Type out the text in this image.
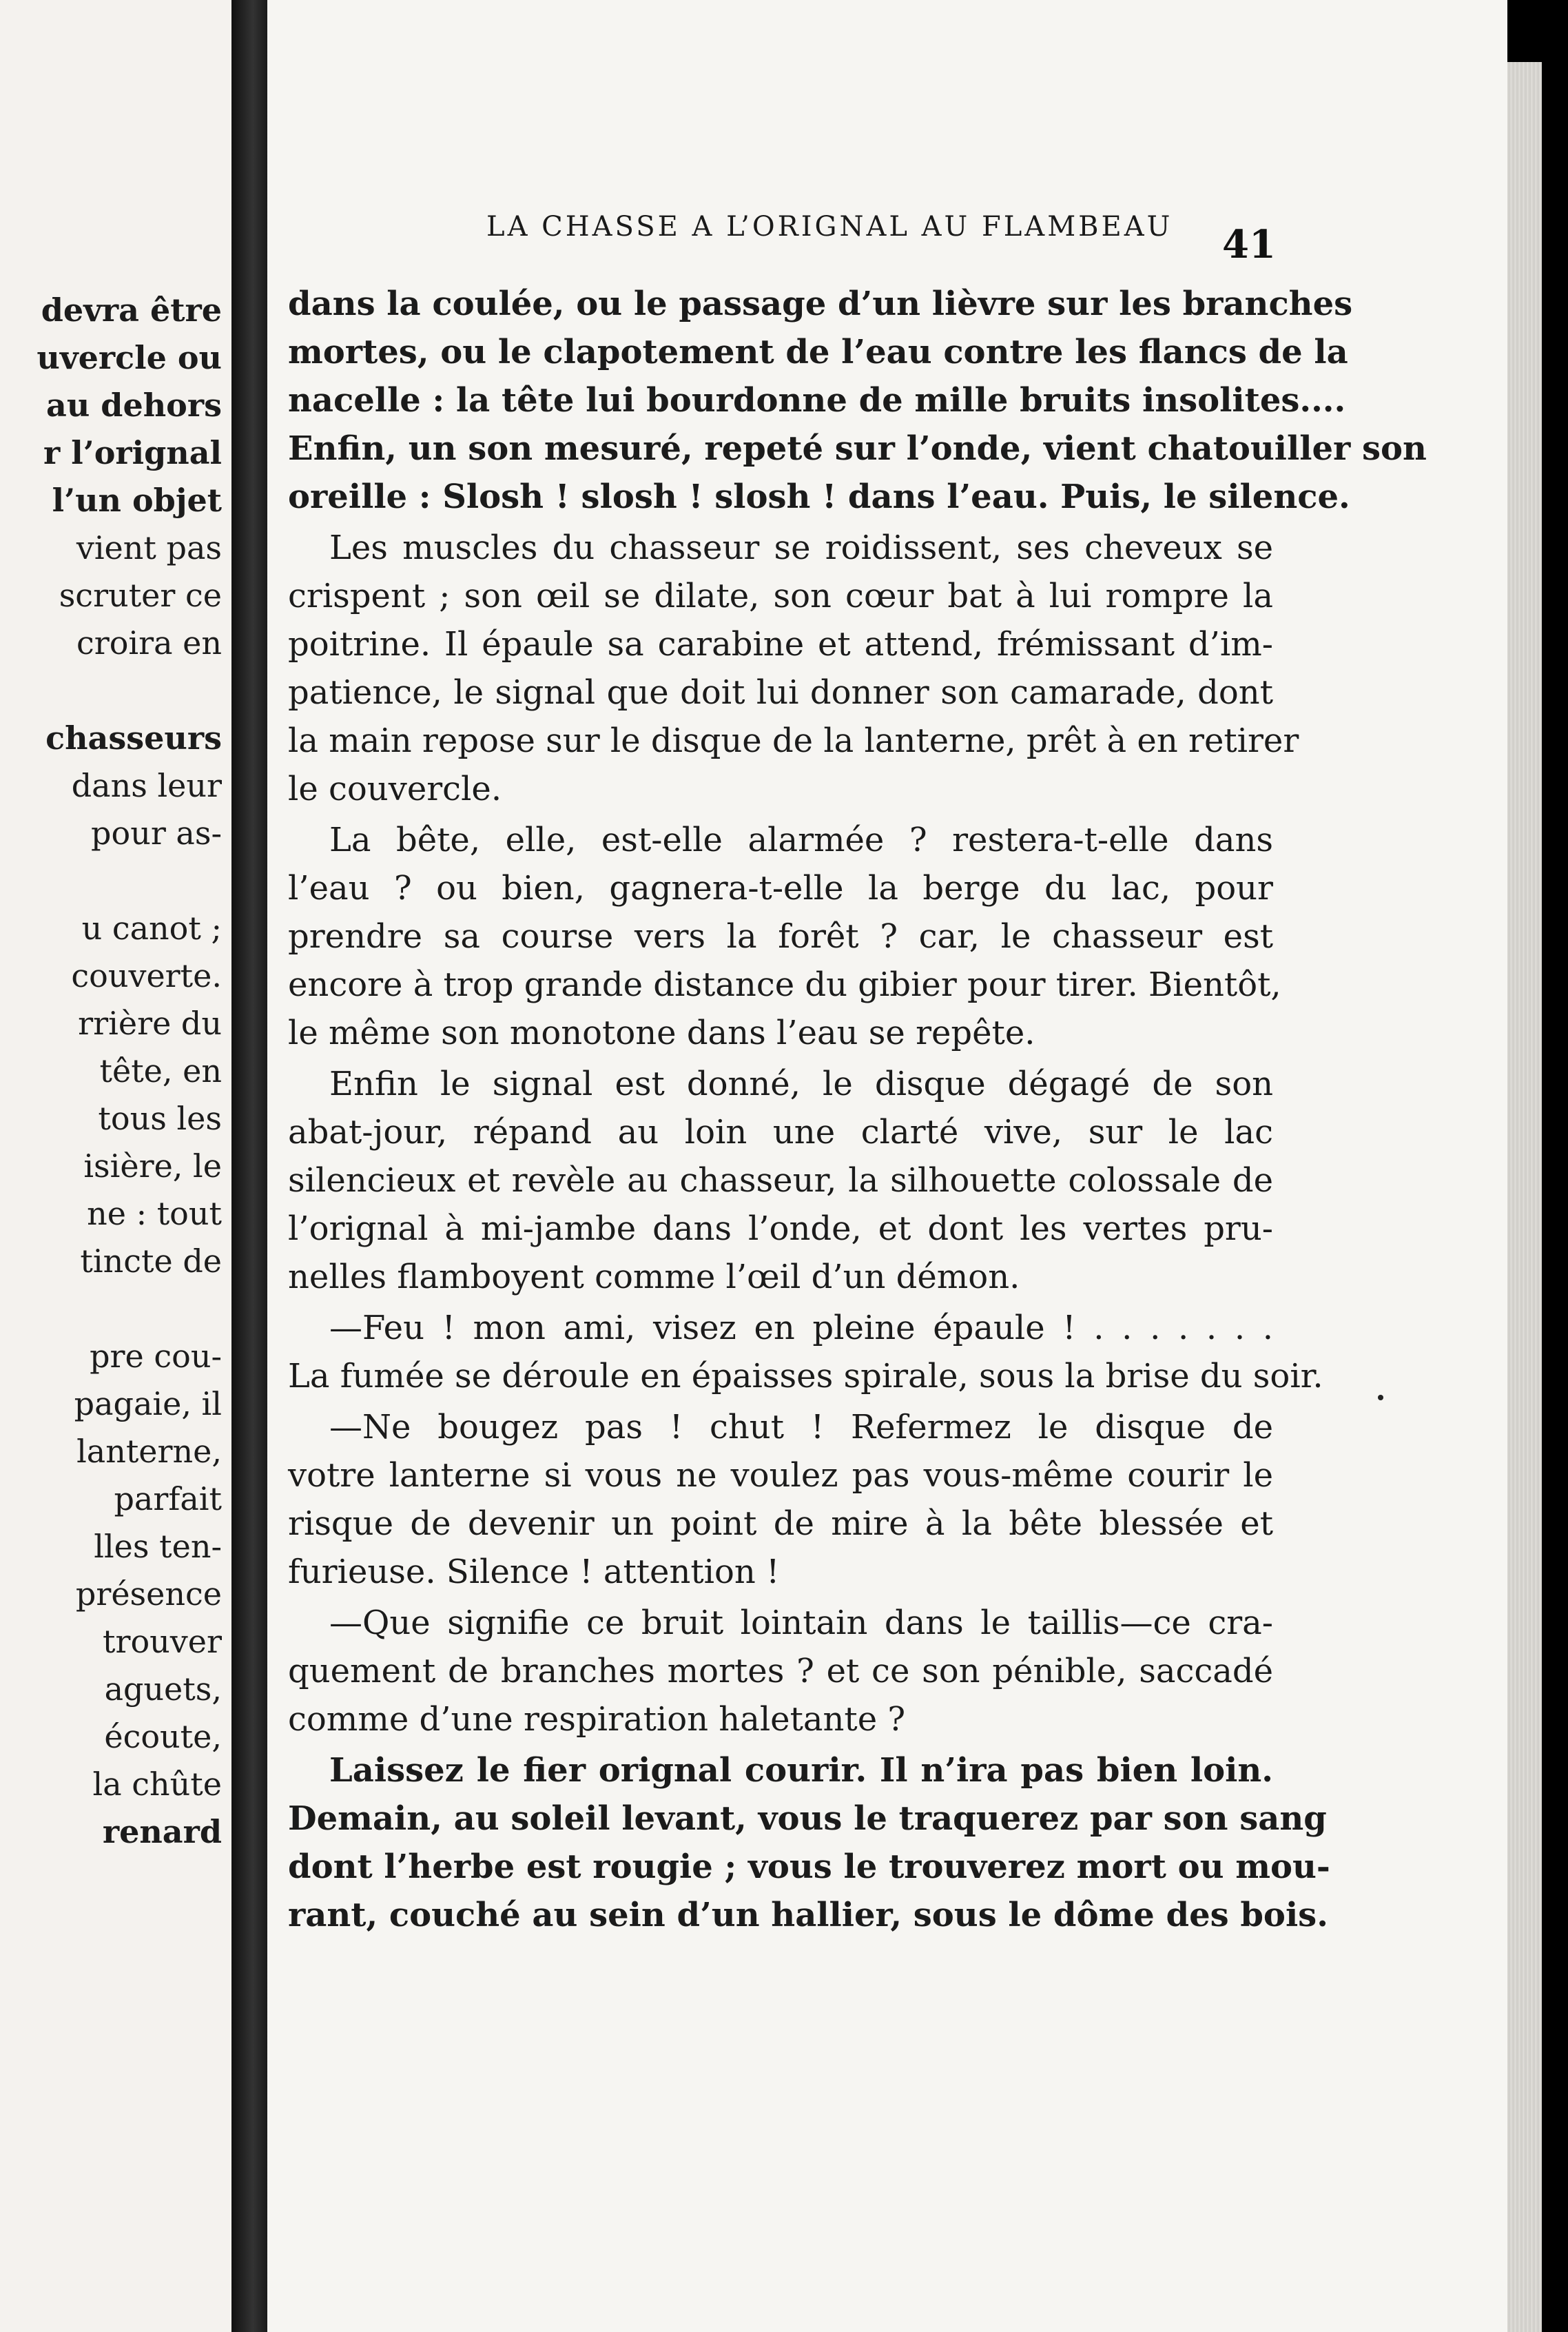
devra être
uvercle ou
au dehors
r l’orignal
l’un objet
vient pas
scruter ce
croira en
chasseurs
dans leur
pour as-
u canot ;
couverte.
rrière du
tête, en
tous les
isière, le
ne : tout
tincte de
pre cou-
pagaie, il
lanterne,
parfait
lles ten-
présence
trouver
aguets,
écoute,
la chûte
renard
LA CHASSE A L’ORIGNAL AU FLAMBEAU	41
dans la coulée, ou le passage d’un lièvre sur les branches
mortes, ou le clapotement de l’eau contre les flancs de la
nacelle : la tête lui bourdonne de mille bruits insolites....
Enfin, un son mesuré, repeté sur l’onde, vient chatouiller son
oreille : Slosh ! slosh ! slosh ! dans l’eau. Puis, le silence.
Les muscles du chasseur se roidissent, ses cheveux se
crispent ; son œil se dilate, son cœur bat à lui rompre la
poitrine. Il épaule sa carabine et attend, frémissant d’im-
patience, le signal que doit lui donner son camarade, dont
la main repose sur le disque de la lanterne, prêt à en retirer
le couvercle.
La bête, elle, est-elle alarmée ? restera-t-elle dans
l’eau ? ou bien, gagnera-t-elle la berge du lac, pour
prendre sa course vers la forêt ? car, le chasseur est
encore à trop grande distance du gibier pour tirer. Bientôt,
le même son monotone dans l’eau se repête.
Enfin le signal est donné, le disque dégagé de son
abat-jour, répand au loin une clarté vive, sur le lac
silencieux et revèle au chasseur, la silhouette colossale de
l’orignal à mi-jambe dans l’onde, et dont les vertes pru-
nelles flamboyent comme l’œil d’un démon.
—Feu ! mon ami, visez en pleine épaule ! . . . . . . .
La fumée se déroule en épaisses spirale, sous la brise du soir.
—Ne bougez pas ! chut ! Refermez le disque de
votre lanterne si vous ne voulez pas vous-même courir le
risque de devenir un point de mire à la bête blessée et
furieuse. Silence ! attention !
—Que signifie ce bruit lointain dans le taillis—ce cra-
quement de branches mortes ? et ce son pénible, saccadé
comme d’une respiration haletante ?
Laissez le fier orignal courir. Il n’ira pas bien loin.
Demain, au soleil levant, vous le traquerez par son sang
dont l’herbe est rougie ; vous le trouverez mort ou mou-
rant, couché au sein d’un hallier, sous le dôme des bois.
